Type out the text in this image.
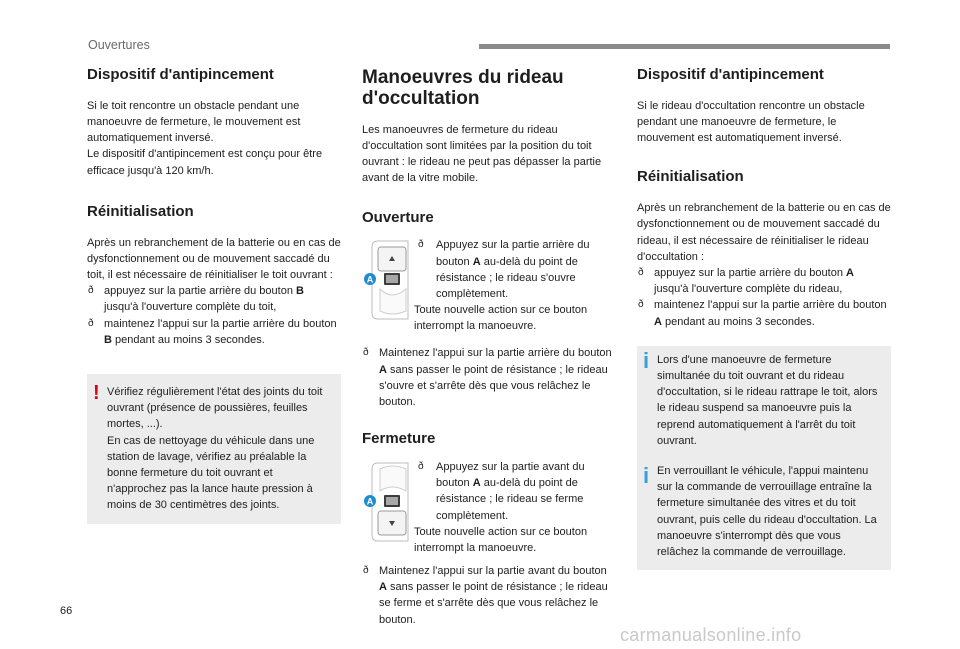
Ouvertures
Dispositif d'antipincement

Si le toit rencontre un obstacle pendant une manoeuvre de fermeture, le mouvement est automatiquement inversé.

Le dispositif d'antipincement est conçu pour être efficace jusqu'à 120 km/h.

Réinitialisation

Après un rebranchement de la batterie ou en cas de dysfonctionnement ou de mouvement saccadé du toit, il est nécessaire de réinitialiser le toit ouvrant :

ð appuyez sur la partie arrière du bouton B jusqu'à l'ouverture complète du toit,
ð maintenez l'appui sur la partie arrière du bouton B pendant au moins 3 secondes.
! Vérifiez régulièrement l'état des joints du toit ouvrant (présence de poussières, feuilles mortes, ...).

En cas de nettoyage du véhicule dans une station de lavage, vérifiez au préalable la bonne fermeture du toit ouvrant et n'approchez pas la lance haute pression à moins de 30 centimètres des joints.

Manoeuvres du rideau d'occultation

Les manoeuvres de fermeture du rideau d'occultation sont limitées par la position du toit ouvrant : le rideau ne peut pas dépasser la partie avant de la vitre mobile.

Ouverture
A
ð Appuyez sur la partie arrière du bouton A au-delà du point de résistance ; le rideau s'ouvre complètement.

Toute nouvelle action sur ce bouton interrompt la manoeuvre.

ð Maintenez l'appui sur la partie arrière du bouton A sans passer le point de résistance ; le rideau s'ouvre et s'arrête dès que vous relâchez le bouton.
Fermeture
A
ð Appuyez sur la partie avant du bouton A au-delà du point de résistance ; le rideau se ferme complètement.

Toute nouvelle action sur ce bouton interrompt la manoeuvre.

ð Maintenez l'appui sur la partie avant du bouton A sans passer le point de résistance ; le rideau se ferme et s'arrête dès que vous relâchez le bouton.
Dispositif d'antipincement

Si le rideau d'occultation rencontre un obstacle pendant une manoeuvre de fermeture, le mouvement est automatiquement inversé.

Réinitialisation

Après un rebranchement de la batterie ou en cas de dysfonctionnement ou de mouvement saccadé du rideau, il est nécessaire de réinitialiser le rideau d'occultation :

ð appuyez sur la partie arrière du bouton A jusqu'à l'ouverture complète du rideau,
ð maintenez l'appui sur la partie arrière du bouton A pendant au moins 3 secondes.
i Lors d'une manoeuvre de fermeture simultanée du toit ouvrant et du rideau d'occultation, si le rideau rattrape le toit, alors le rideau suspend sa manoeuvre puis la reprend automatiquement à l'arrêt du toit ouvrant.

i En verrouillant le véhicule, l'appui maintenu sur la commande de verrouillage entraîne la fermeture simultanée des vitres et du toit ouvrant, puis celle du rideau d'occultation. La manoeuvre s'interrompt dès que vous relâchez la commande de verrouillage.

66
carmanualsonline.info
